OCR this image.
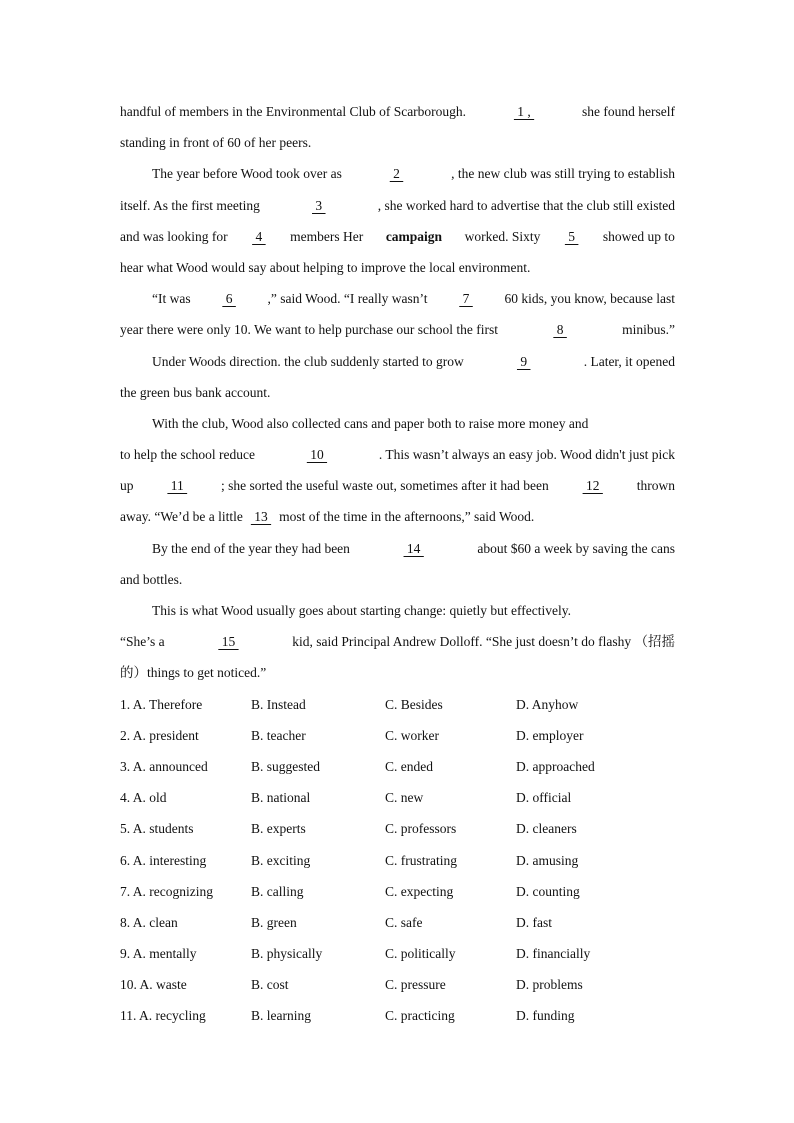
handful of members in the Environmental Club of Scarborough.	1 ,	she found herself
standing in front of 60 of her peers.
The year before Wood took over as	2	, the new club was still trying to establish
itself. As the first meeting	3	, she worked hard to advertise that the club still existed
and was looking for 4 members Her campaign worked. Sixty 5 showed up to
hear what Wood would say about helping to improve the local environment.
“It was 6 ,” said Wood. “I really wasn’t 7 60 kids, you know, because last
year there were only 10. We want to help purchase our school the first	8	minibus.”
Under Woods direction. the club suddenly started to grow	9	. Later, it opened
the green bus bank account.
With the club, Wood also collected cans and paper both to raise more money and
to help the school reduce	10	. This wasn’t always an easy job. Wood didn't just pick
up	11	; she sorted the useful waste out, sometimes after it had been	12	thrown
away. “We’d be a little 13 most of the time in the afternoons,” said Wood.
By the end of the year they had been	14	about $60 a week by saving the cans
and bottles.
This is what Wood usually goes about starting change: quietly but effectively.
“She’s a	15	kid, said Principal Andrew Dolloff. “She just doesn’t do flashy （招摇
的）things to get noticed.”
1. A. Therefore	B. Instead	C. Besides	D. Anyhow
2. A. president	B. teacher	C. worker	D. employer
3. A. announced	B. suggested	C. ended	D. approached
4. A. old	B. national	C. new	D. official
5. A. students	B. experts	C. professors	D. cleaners
6. A. interesting	B. exciting	C. frustrating	D. amusing
7. A. recognizing	B. calling	C. expecting	D. counting
8. A. clean	B. green	C. safe	D. fast
9. A. mentally	B. physically	C. politically	D. financially
10. A. waste	B. cost	C. pressure	D. problems
11. A. recycling	B. learning	C. practicing	D. funding
